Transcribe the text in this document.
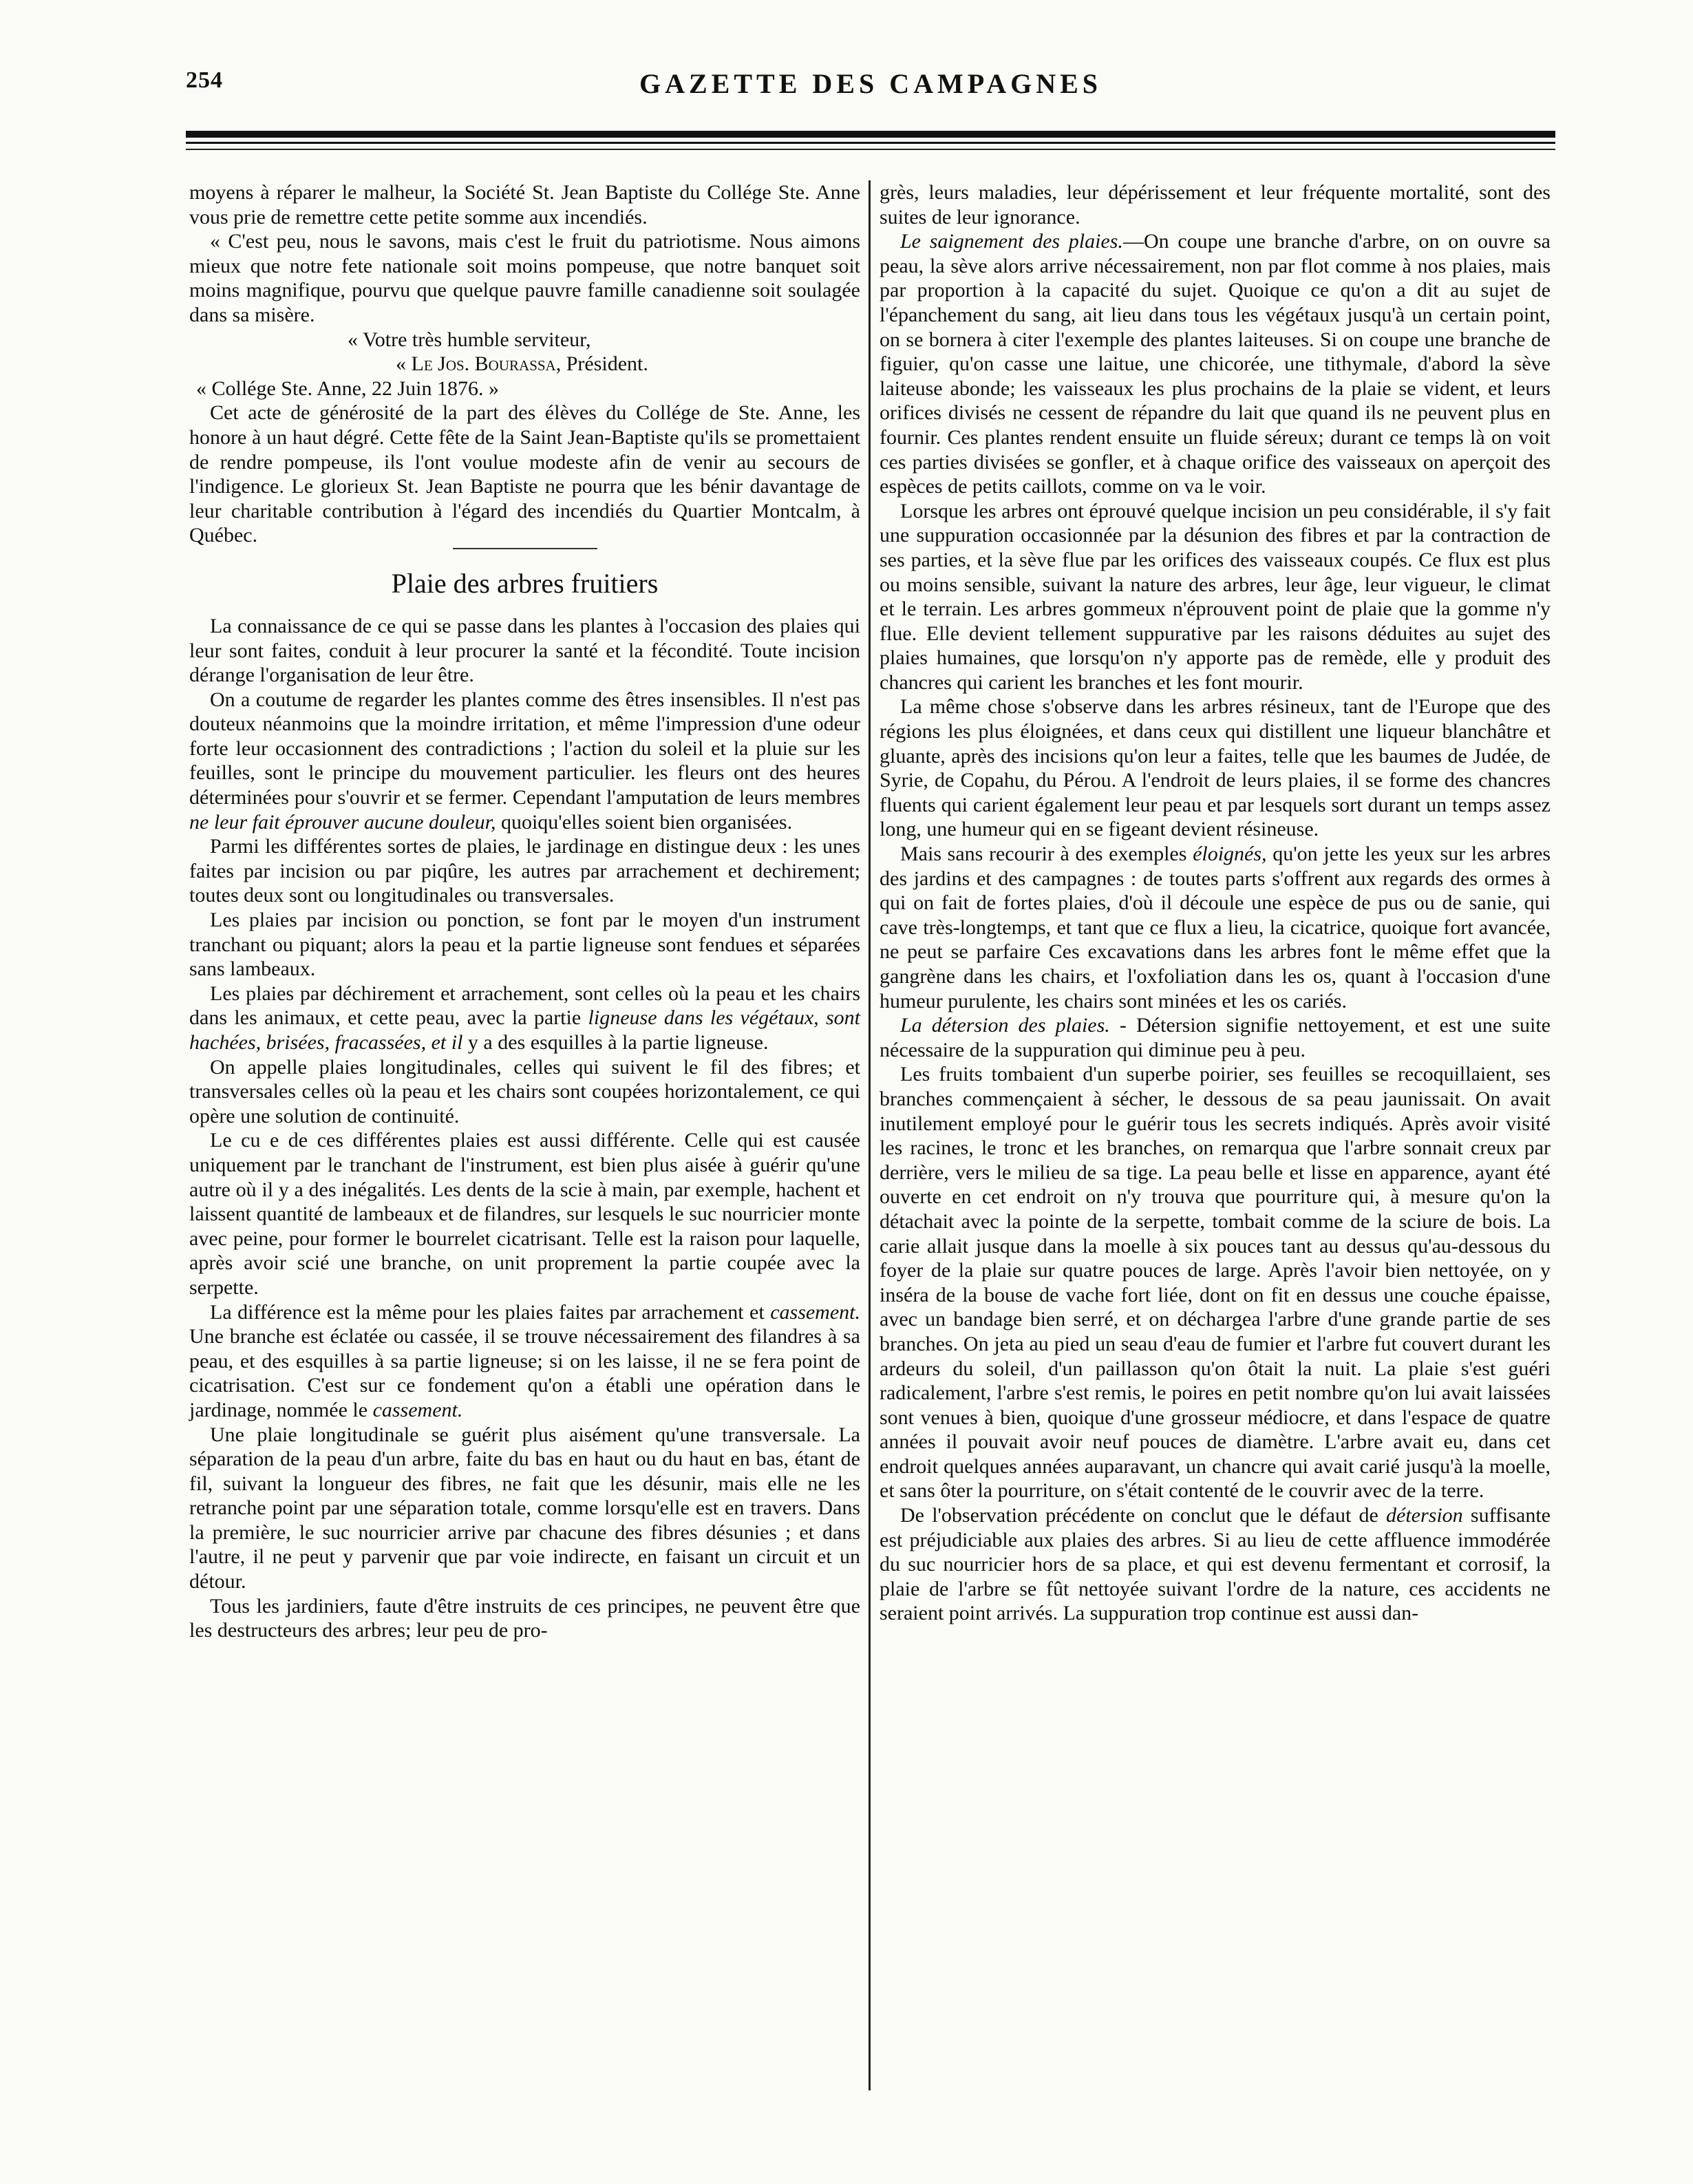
254	GAZETTE DES CAMPAGNES

moyens à réparer le malheur, la Société St. Jean Baptiste du Collége Ste. Anne vous prie de remettre cette petite somme aux incendiés.

« C'est peu, nous le savons, mais c'est le fruit du patriotisme. Nous aimons mieux que notre fete nationale soit moins pompeuse, que notre banquet soit moins magnifique, pourvu que quelque pauvre famille canadienne soit soulagée dans sa misère.

« Votre très humble serviteur,

« Le Jos. Bourassa, Président.

« Collége Ste. Anne, 22 Juin 1876. »

Cet acte de générosité de la part des élèves du Collége de Ste. Anne, les honore à un haut dégré. Cette fête de la Saint Jean-Baptiste qu'ils se promettaient de rendre pompeuse, ils l'ont voulue modeste afin de venir au secours de l'indigence. Le glorieux St. Jean Baptiste ne pourra que les bénir davantage de leur charitable contribution à l'égard des incendiés du Quartier Montcalm, à Québec.

Plaie des arbres fruitiers

La connaissance de ce qui se passe dans les plantes à l'occasion des plaies qui leur sont faites, conduit à leur procurer la santé et la fécondité. Toute incision dérange l'organisation de leur être.

On a coutume de regarder les plantes comme des êtres insensibles. Il n'est pas douteux néanmoins que la moindre irritation, et même l'impression d'une odeur forte leur occasionnent des contradictions ; l'action du soleil et la pluie sur les feuilles, sont le principe du mouvement particulier. les fleurs ont des heures déterminées pour s'ouvrir et se fermer. Cependant l'amputation de leurs membres ne leur fait éprouver aucune douleur, quoiqu'elles soient bien organisées.

Parmi les différentes sortes de plaies, le jardinage en distingue deux : les unes faites par incision ou par piqûre, les autres par arrachement et dechirement; toutes deux sont ou longitudinales ou transversales.

Les plaies par incision ou ponction, se font par le moyen d'un instrument tranchant ou piquant; alors la peau et la partie ligneuse sont fendues et séparées sans lambeaux.

Les plaies par déchirement et arrachement, sont celles où la peau et les chairs dans les animaux, et cette peau, avec la partie ligneuse dans les végétaux, sont hachées, brisées, fracassées, et il y a des esquilles à la partie ligneuse.

On appelle plaies longitudinales, celles qui suivent le fil des fibres; et transversales celles où la peau et les chairs sont coupées horizontalement, ce qui opère une solution de continuité.

Le cu e de ces différentes plaies est aussi différente. Celle qui est causée uniquement par le tranchant de l'instrument, est bien plus aisée à guérir qu'une autre où il y a des inégalités. Les dents de la scie à main, par exemple, hachent et laissent quantité de lambeaux et de filandres, sur lesquels le suc nourricier monte avec peine, pour former le bourrelet cicatrisant. Telle est la raison pour laquelle, après avoir scié une branche, on unit proprement la partie coupée avec la serpette.

La différence est la même pour les plaies faites par arrachement et cassement. Une branche est éclatée ou cassée, il se trouve nécessairement des filandres à sa peau, et des esquilles à sa partie ligneuse; si on les laisse, il ne se fera point de cicatrisation. C'est sur ce fondement qu'on a établi une opération dans le jardinage, nommée le cassement.

Une plaie longitudinale se guérit plus aisément qu'une transversale. La séparation de la peau d'un arbre, faite du bas en haut ou du haut en bas, étant de fil, suivant la longueur des fibres, ne fait que les désunir, mais elle ne les retranche point par une séparation totale, comme lorsqu'elle est en travers. Dans la première, le suc nourricier arrive par chacune des fibres désunies ; et dans l'autre, il ne peut y parvenir que par voie indirecte, en faisant un circuit et un détour.

Tous les jardiniers, faute d'être instruits de ces principes, ne peuvent être que les destructeurs des arbres; leur peu de pro-

grès, leurs maladies, leur dépérissement et leur fréquente mortalité, sont des suites de leur ignorance.

Le saignement des plaies.—On coupe une branche d'arbre, on on ouvre sa peau, la sève alors arrive nécessairement, non par flot comme à nos plaies, mais par proportion à la capacité du sujet. Quoique ce qu'on a dit au sujet de l'épanchement du sang, ait lieu dans tous les végétaux jusqu'à un certain point, on se bornera à citer l'exemple des plantes laiteuses. Si on coupe une branche de figuier, qu'on casse une laitue, une chicorée, une tithymale, d'abord la sève laiteuse abonde; les vaisseaux les plus prochains de la plaie se vident, et leurs orifices divisés ne cessent de répandre du lait que quand ils ne peuvent plus en fournir. Ces plantes rendent ensuite un fluide séreux; durant ce temps là on voit ces parties divisées se gonfler, et à chaque orifice des vaisseaux on aperçoit des espèces de petits caillots, comme on va le voir.

Lorsque les arbres ont éprouvé quelque incision un peu considérable, il s'y fait une suppuration occasionnée par la désunion des fibres et par la contraction de ses parties, et la sève flue par les orifices des vaisseaux coupés. Ce flux est plus ou moins sensible, suivant la nature des arbres, leur âge, leur vigueur, le climat et le terrain. Les arbres gommeux n'éprouvent point de plaie que la gomme n'y flue. Elle devient tellement suppurative par les raisons déduites au sujet des plaies humaines, que lorsqu'on n'y apporte pas de remède, elle y produit des chancres qui carient les branches et les font mourir.

La même chose s'observe dans les arbres résineux, tant de l'Europe que des régions les plus éloignées, et dans ceux qui distillent une liqueur blanchâtre et gluante, après des incisions qu'on leur a faites, telle que les baumes de Judée, de Syrie, de Copahu, du Pérou. A l'endroit de leurs plaies, il se forme des chancres fluents qui carient également leur peau et par lesquels sort durant un temps assez long, une humeur qui en se figeant devient résineuse.

Mais sans recourir à des exemples éloignés, qu'on jette les yeux sur les arbres des jardins et des campagnes : de toutes parts s'offrent aux regards des ormes à qui on fait de fortes plaies, d'où il découle une espèce de pus ou de sanie, qui cave très-longtemps, et tant que ce flux a lieu, la cicatrice, quoique fort avancée, ne peut se parfaire Ces excavations dans les arbres font le même effet que la gangrène dans les chairs, et l'oxfoliation dans les os, quant à l'occasion d'une humeur purulente, les chairs sont minées et les os cariés.

La détersion des plaies. - Détersion signifie nettoyement, et est une suite nécessaire de la suppuration qui diminue peu à peu.

Les fruits tombaient d'un superbe poirier, ses feuilles se recoquillaient, ses branches commençaient à sécher, le dessous de sa peau jaunissait. On avait inutilement employé pour le guérir tous les secrets indiqués. Après avoir visité les racines, le tronc et les branches, on remarqua que l'arbre sonnait creux par derrière, vers le milieu de sa tige. La peau belle et lisse en apparence, ayant été ouverte en cet endroit on n'y trouva que pourriture qui, à mesure qu'on la détachait avec la pointe de la serpette, tombait comme de la sciure de bois. La carie allait jusque dans la moelle à six pouces tant au dessus qu'au-dessous du foyer de la plaie sur quatre pouces de large. Après l'avoir bien nettoyée, on y inséra de la bouse de vache fort liée, dont on fit en dessus une couche épaisse, avec un bandage bien serré, et on déchargea l'arbre d'une grande partie de ses branches. On jeta au pied un seau d'eau de fumier et l'arbre fut couvert durant les ardeurs du soleil, d'un paillasson qu'on ôtait la nuit. La plaie s'est guéri radicalement, l'arbre s'est remis, le poires en petit nombre qu'on lui avait laissées sont venues à bien, quoique d'une grosseur médiocre, et dans l'espace de quatre années il pouvait avoir neuf pouces de diamètre. L'arbre avait eu, dans cet endroit quelques années auparavant, un chancre qui avait carié jusqu'à la moelle, et sans ôter la pourriture, on s'était contenté de le couvrir avec de la terre.

De l'observation précédente on conclut que le défaut de détersion suffisante est préjudiciable aux plaies des arbres. Si au lieu de cette affluence immodérée du suc nourricier hors de sa place, et qui est devenu fermentant et corrosif, la plaie de l'arbre se fût nettoyée suivant l'ordre de la nature, ces accidents ne seraient point arrivés. La suppuration trop continue est aussi dan-
